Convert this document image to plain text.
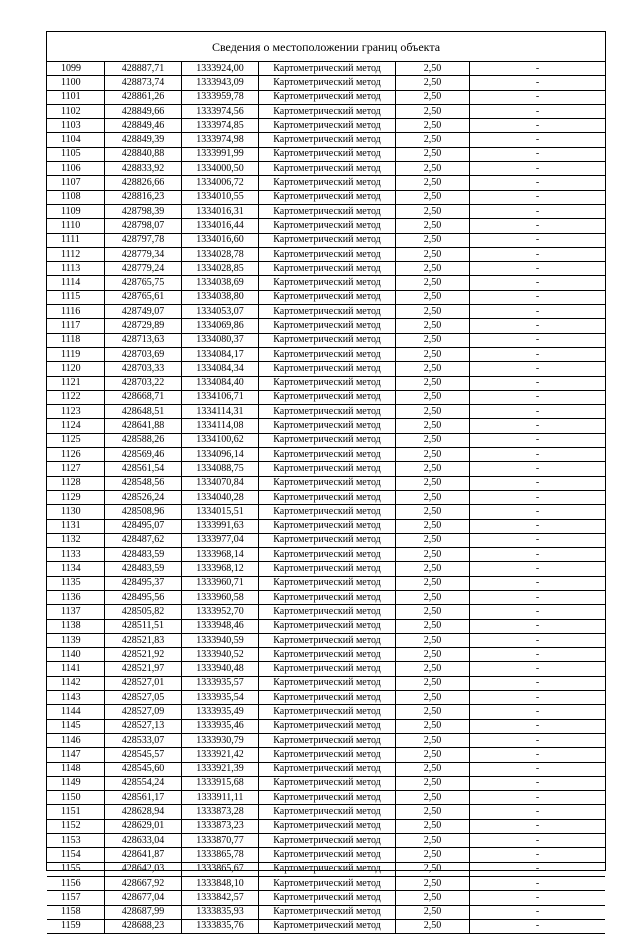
Сведения о местоположении границ объекта
1099	428887,71	1333924,00	Картометрический метод	2,50	-
1100	428873,74	1333943,09	Картометрический метод	2,50	-
1101	428861,26	1333959,78	Картометрический метод	2,50	-
1102	428849,66	1333974,56	Картометрический метод	2,50	-
1103	428849,46	1333974,85	Картометрический метод	2,50	-
1104	428849,39	1333974,98	Картометрический метод	2,50	-
1105	428840,88	1333991,99	Картометрический метод	2,50	-
1106	428833,92	1334000,50	Картометрический метод	2,50	-
1107	428826,66	1334006,72	Картометрический метод	2,50	-
1108	428816,23	1334010,55	Картометрический метод	2,50	-
1109	428798,39	1334016,31	Картометрический метод	2,50	-
1110	428798,07	1334016,44	Картометрический метод	2,50	-
1111	428797,78	1334016,60	Картометрический метод	2,50	-
1112	428779,34	1334028,78	Картометрический метод	2,50	-
1113	428779,24	1334028,85	Картометрический метод	2,50	-
1114	428765,75	1334038,69	Картометрический метод	2,50	-
1115	428765,61	1334038,80	Картометрический метод	2,50	-
1116	428749,07	1334053,07	Картометрический метод	2,50	-
1117	428729,89	1334069,86	Картометрический метод	2,50	-
1118	428713,63	1334080,37	Картометрический метод	2,50	-
1119	428703,69	1334084,17	Картометрический метод	2,50	-
1120	428703,33	1334084,34	Картометрический метод	2,50	-
1121	428703,22	1334084,40	Картометрический метод	2,50	-
1122	428668,71	1334106,71	Картометрический метод	2,50	-
1123	428648,51	1334114,31	Картометрический метод	2,50	-
1124	428641,88	1334114,08	Картометрический метод	2,50	-
1125	428588,26	1334100,62	Картометрический метод	2,50	-
1126	428569,46	1334096,14	Картометрический метод	2,50	-
1127	428561,54	1334088,75	Картометрический метод	2,50	-
1128	428548,56	1334070,84	Картометрический метод	2,50	-
1129	428526,24	1334040,28	Картометрический метод	2,50	-
1130	428508,96	1334015,51	Картометрический метод	2,50	-
1131	428495,07	1333991,63	Картометрический метод	2,50	-
1132	428487,62	1333977,04	Картометрический метод	2,50	-
1133	428483,59	1333968,14	Картометрический метод	2,50	-
1134	428483,59	1333968,12	Картометрический метод	2,50	-
1135	428495,37	1333960,71	Картометрический метод	2,50	-
1136	428495,56	1333960,58	Картометрический метод	2,50	-
1137	428505,82	1333952,70	Картометрический метод	2,50	-
1138	428511,51	1333948,46	Картометрический метод	2,50	-
1139	428521,83	1333940,59	Картометрический метод	2,50	-
1140	428521,92	1333940,52	Картометрический метод	2,50	-
1141	428521,97	1333940,48	Картометрический метод	2,50	-
1142	428527,01	1333935,57	Картометрический метод	2,50	-
1143	428527,05	1333935,54	Картометрический метод	2,50	-
1144	428527,09	1333935,49	Картометрический метод	2,50	-
1145	428527,13	1333935,46	Картометрический метод	2,50	-
1146	428533,07	1333930,79	Картометрический метод	2,50	-
1147	428545,57	1333921,42	Картометрический метод	2,50	-
1148	428545,60	1333921,39	Картометрический метод	2,50	-
1149	428554,24	1333915,68	Картометрический метод	2,50	-
1150	428561,17	1333911,11	Картометрический метод	2,50	-
1151	428628,94	1333873,28	Картометрический метод	2,50	-
1152	428629,01	1333873,23	Картометрический метод	2,50	-
1153	428633,04	1333870,77	Картометрический метод	2,50	-
1154	428641,87	1333865,78	Картометрический метод	2,50	-
1155	428642,03	1333865,67	Картометрический метод	2,50	-
1156	428667,92	1333848,10	Картометрический метод	2,50	-
1157	428677,04	1333842,57	Картометрический метод	2,50	-
1158	428687,99	1333835,93	Картометрический метод	2,50	-
1159	428688,23	1333835,76	Картометрический метод	2,50	-
